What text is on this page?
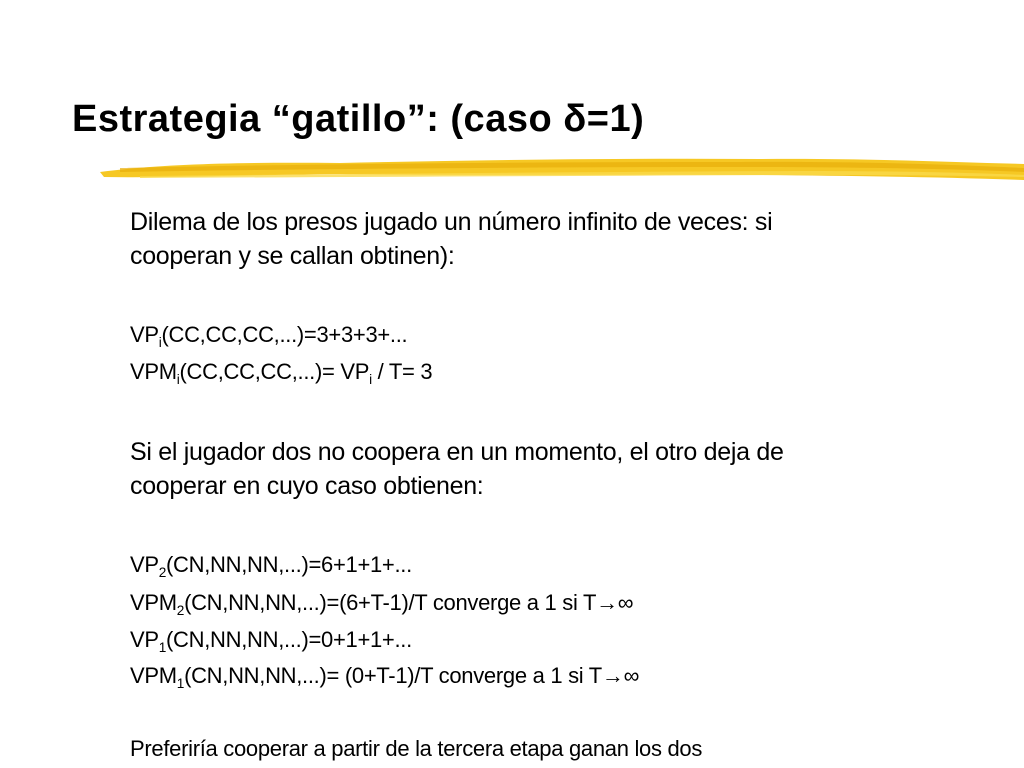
Estrategia “gatillo”: (caso δ=1)

Dilema de los presos jugado un número infinito de veces: si

cooperan y se callan obtinen):

$VP_i(CC,CC,CC,...)=3+3+3+$...

$VPM_i(CC,CC,CC,...)= VP_i / T= 3$

Si el jugador dos no coopera en un momento, el otro deja de

cooperar en cuyo caso obtienen:

$VP_2(CN,NN,NN,...)=6+1+1+$...

$VPM_2(CN,NN,NN,...)=(6+T-1)/T$ converge a 1 si T→∞

$VP_1(CN,NN,NN,...)=0+1+1+$...

$VPM_1(CN,NN,NN,...)= (0+T-1)/T$ converge a 1 si T→∞

Preferiría cooperar a partir de la tercera etapa ganan los dos
